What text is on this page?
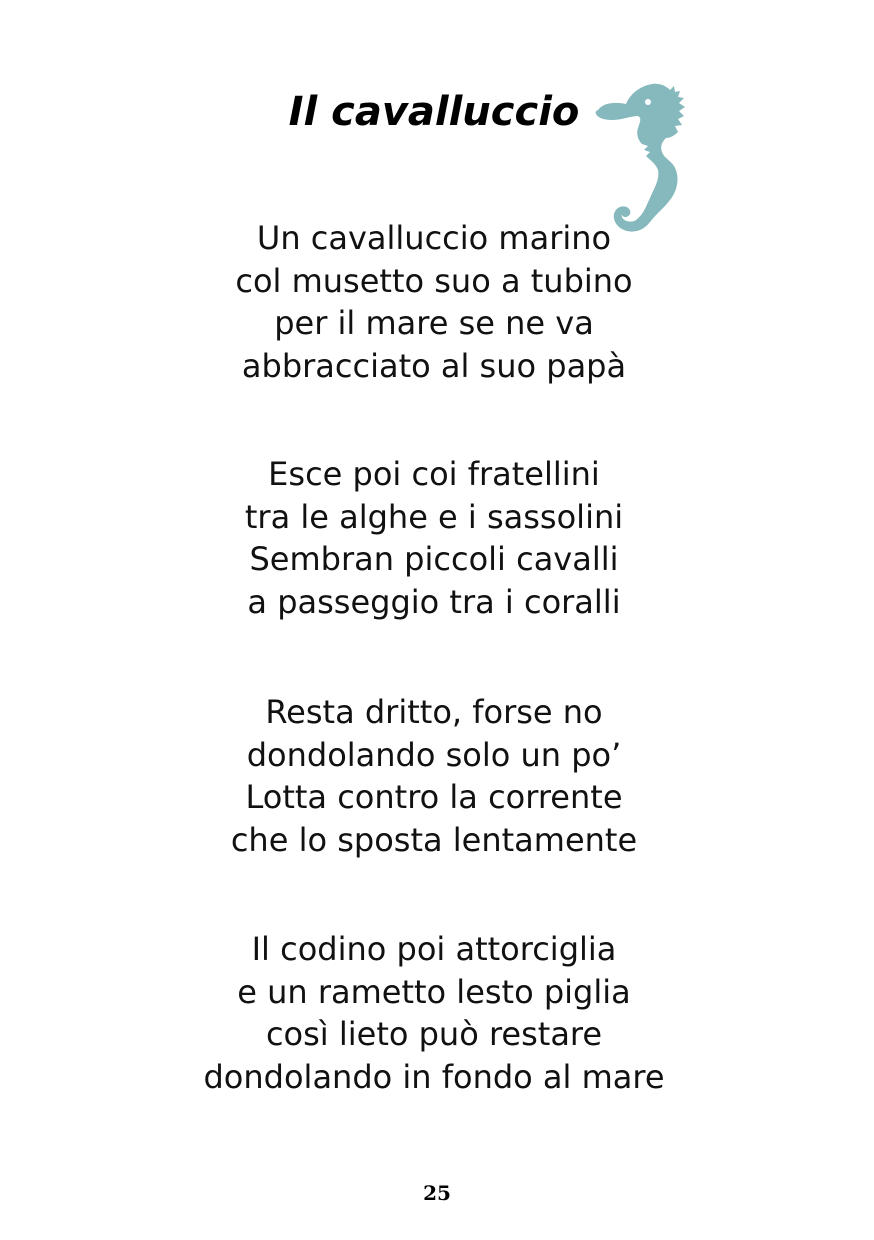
Il cavalluccio
Un cavalluccio marino
col musetto suo a tubino
per il mare se ne va
abbracciato al suo papà
Esce poi coi fratellini
tra le alghe e i sassolini
Sembran piccoli cavalli
a passeggio tra i coralli
Resta dritto, forse no
dondolando solo un po’
Lotta contro la corrente
che lo sposta lentamente
Il codino poi attorciglia
e un rametto lesto piglia
così lieto può restare
dondolando in fondo al mare
25
